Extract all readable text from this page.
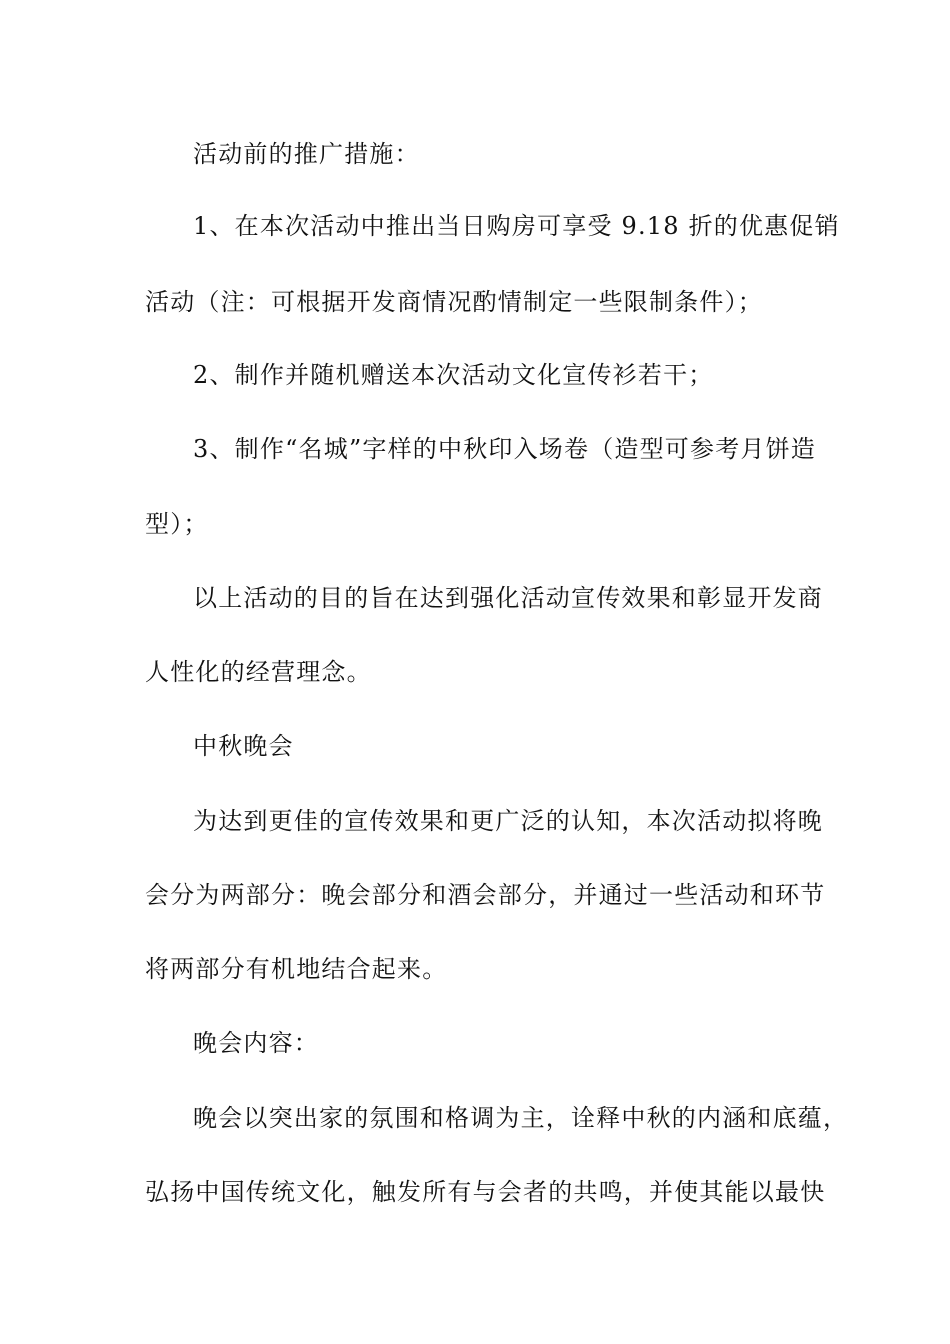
活动前的推广措施：
1、在本次活动中推出当日购房可享受 9.18 折的优惠促销
活动（注：可根据开发商情况酌情制定一些限制条件）；
2、制作并随机赠送本次活动文化宣传衫若干；
3、制作“名城”字样的中秋印入场卷（造型可参考月饼造
型）；
以上活动的目的旨在达到强化活动宣传效果和彰显开发商
人性化的经营理念。
中秋晚会
为达到更佳的宣传效果和更广泛的认知，本次活动拟将晚
会分为两部分：晚会部分和酒会部分，并通过一些活动和环节
将两部分有机地结合起来。
晚会内容：
晚会以突出家的氛围和格调为主，诠释中秋的内涵和底蕴，
弘扬中国传统文化，触发所有与会者的共鸣，并使其能以最快
